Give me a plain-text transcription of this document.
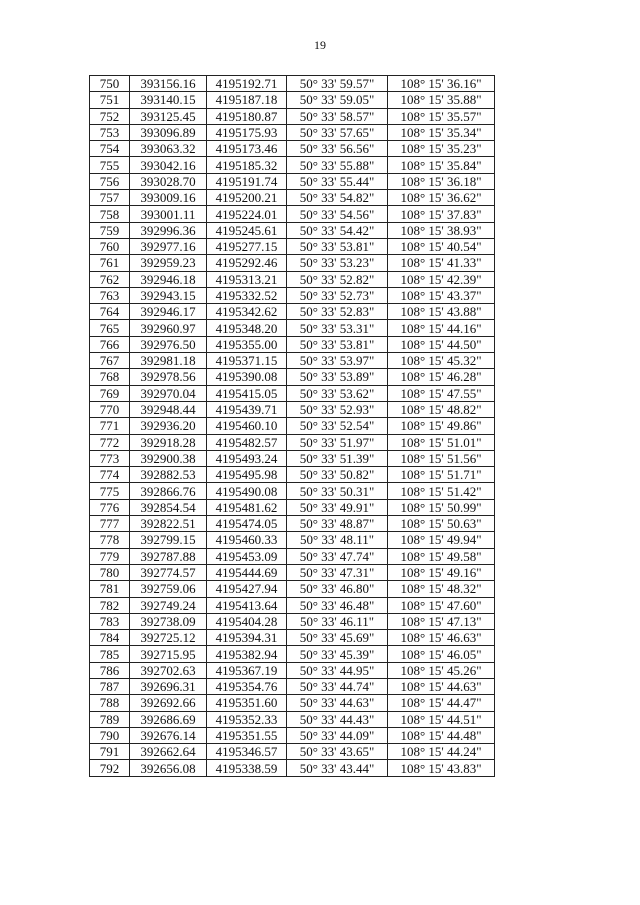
19
750	393156.16	4195192.71	50° 33' 59.57"	108° 15' 36.16"
751	393140.15	4195187.18	50° 33' 59.05"	108° 15' 35.88"
752	393125.45	4195180.87	50° 33' 58.57"	108° 15' 35.57"
753	393096.89	4195175.93	50° 33' 57.65"	108° 15' 35.34"
754	393063.32	4195173.46	50° 33' 56.56"	108° 15' 35.23"
755	393042.16	4195185.32	50° 33' 55.88"	108° 15' 35.84"
756	393028.70	4195191.74	50° 33' 55.44"	108° 15' 36.18"
757	393009.16	4195200.21	50° 33' 54.82"	108° 15' 36.62"
758	393001.11	4195224.01	50° 33' 54.56"	108° 15' 37.83"
759	392996.36	4195245.61	50° 33' 54.42"	108° 15' 38.93"
760	392977.16	4195277.15	50° 33' 53.81"	108° 15' 40.54"
761	392959.23	4195292.46	50° 33' 53.23"	108° 15' 41.33"
762	392946.18	4195313.21	50° 33' 52.82"	108° 15' 42.39"
763	392943.15	4195332.52	50° 33' 52.73"	108° 15' 43.37"
764	392946.17	4195342.62	50° 33' 52.83"	108° 15' 43.88"
765	392960.97	4195348.20	50° 33' 53.31"	108° 15' 44.16"
766	392976.50	4195355.00	50° 33' 53.81"	108° 15' 44.50"
767	392981.18	4195371.15	50° 33' 53.97"	108° 15' 45.32"
768	392978.56	4195390.08	50° 33' 53.89"	108° 15' 46.28"
769	392970.04	4195415.05	50° 33' 53.62"	108° 15' 47.55"
770	392948.44	4195439.71	50° 33' 52.93"	108° 15' 48.82"
771	392936.20	4195460.10	50° 33' 52.54"	108° 15' 49.86"
772	392918.28	4195482.57	50° 33' 51.97"	108° 15' 51.01"
773	392900.38	4195493.24	50° 33' 51.39"	108° 15' 51.56"
774	392882.53	4195495.98	50° 33' 50.82"	108° 15' 51.71"
775	392866.76	4195490.08	50° 33' 50.31"	108° 15' 51.42"
776	392854.54	4195481.62	50° 33' 49.91"	108° 15' 50.99"
777	392822.51	4195474.05	50° 33' 48.87"	108° 15' 50.63"
778	392799.15	4195460.33	50° 33' 48.11"	108° 15' 49.94"
779	392787.88	4195453.09	50° 33' 47.74"	108° 15' 49.58"
780	392774.57	4195444.69	50° 33' 47.31"	108° 15' 49.16"
781	392759.06	4195427.94	50° 33' 46.80"	108° 15' 48.32"
782	392749.24	4195413.64	50° 33' 46.48"	108° 15' 47.60"
783	392738.09	4195404.28	50° 33' 46.11"	108° 15' 47.13"
784	392725.12	4195394.31	50° 33' 45.69"	108° 15' 46.63"
785	392715.95	4195382.94	50° 33' 45.39"	108° 15' 46.05"
786	392702.63	4195367.19	50° 33' 44.95"	108° 15' 45.26"
787	392696.31	4195354.76	50° 33' 44.74"	108° 15' 44.63"
788	392692.66	4195351.60	50° 33' 44.63"	108° 15' 44.47"
789	392686.69	4195352.33	50° 33' 44.43"	108° 15' 44.51"
790	392676.14	4195351.55	50° 33' 44.09"	108° 15' 44.48"
791	392662.64	4195346.57	50° 33' 43.65"	108° 15' 44.24"
792	392656.08	4195338.59	50° 33' 43.44"	108° 15' 43.83"
